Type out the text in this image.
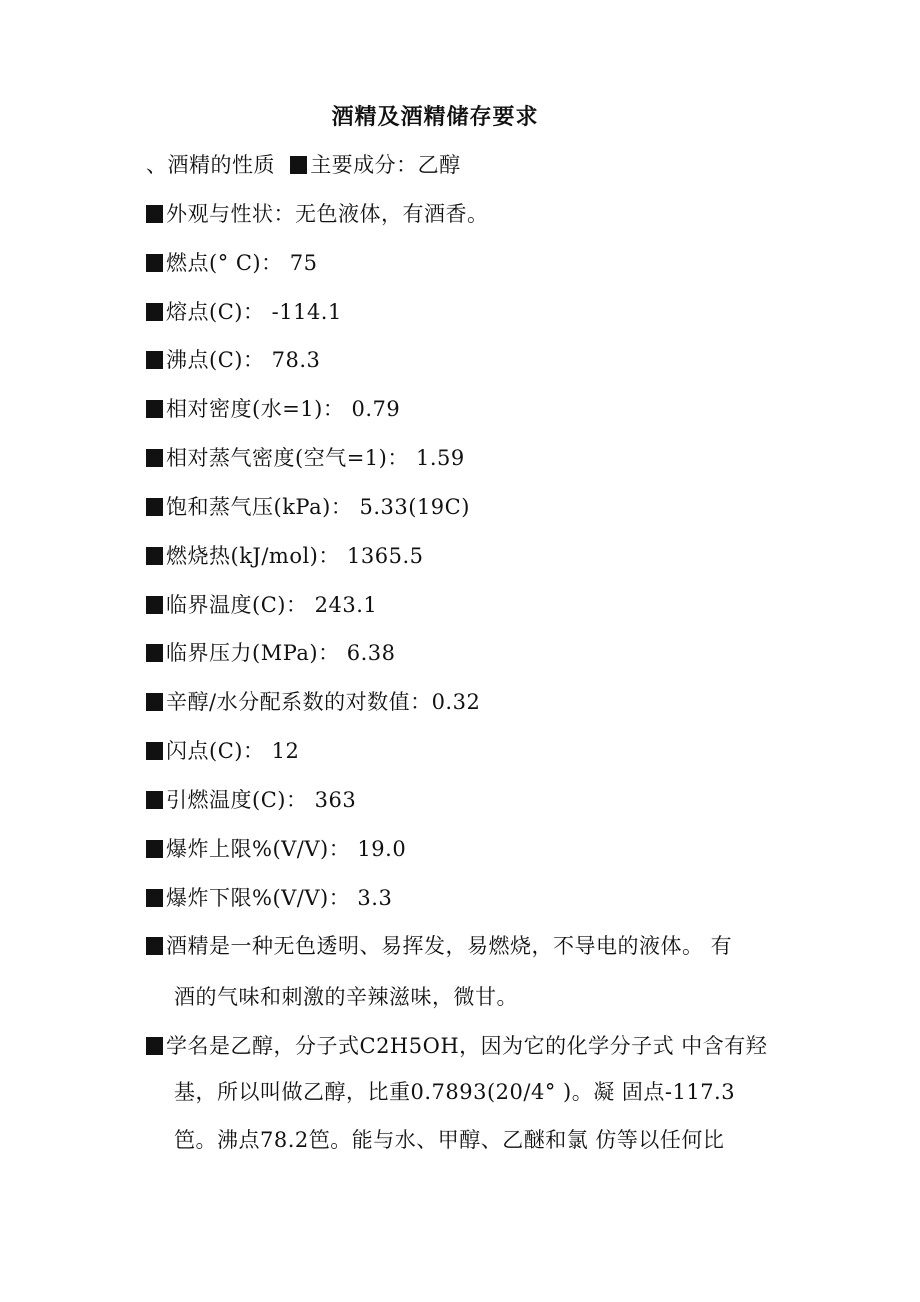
酒精及酒精储存要求
、酒精的性质 主要成分：乙醇
外观与性状：无色液体，有酒香。
燃点(° C)： 75
熔点(C)： -114.1
沸点(C)： 78.3
相对密度(水=1)： 0.79
相对蒸气密度(空气=1)： 1.59
饱和蒸气压(kPa)： 5.33(19C)
燃烧热(kJ/mol)： 1365.5
临界温度(C)： 243.1
临界压力(MPa)： 6.38
辛醇/水分配系数的对数值：0.32
闪点(C)： 12
引燃温度(C)： 363
爆炸上限%(V/V)： 19.0
爆炸下限%(V/V)： 3.3
酒精是一种无色透明、易挥发，易燃烧，不导电的液体。 有
酒的气味和刺激的辛辣滋味，微甘。
学名是乙醇，分子式C2H5OH，因为它的化学分子式 中含有羟
基，所以叫做乙醇，比重0.7893(20/4° )。凝 固点-117.3
笆。沸点78.2笆。能与水、甲醇、乙醚和氯 仿等以任何比
